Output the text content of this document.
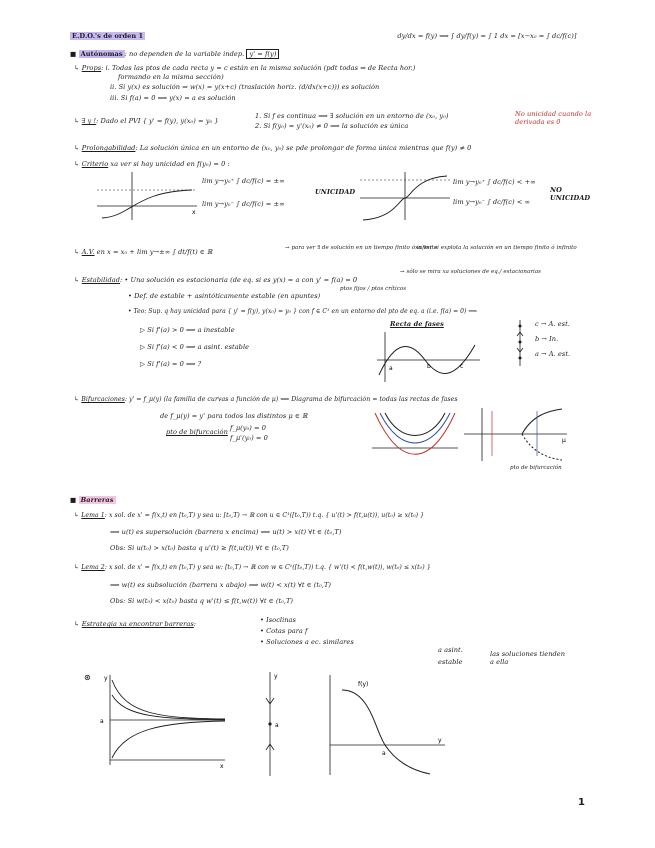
E.D.O.'s de orden 1	dy/dx = f(y) ⟹ ∫ dy/f(y) = ∫ 1 dx = [x−x₀ = ∫ dc/f(c)]
■ Autónomas : no dependen de la variable indep. y' = f(y)
↳ Props: i. Todas las ptos de cada recta y = c están en la misma solución (pdt todas ⇒ de Recta hor.)
formando en la misma sección)
ii. Si y(x) es solución ⇒ w(x) = y(x+c) (traslación horiz. (d/dx(x+c))) es solución
iii. Si f(a) = 0 ⟹ y(x) = a es solución
↳ ∃ y !: Dado el PVI { y' = f(y), y(x₀) = y₀ }
1. Si f es continua ⟹ ∃ solución en un entorno de (x₀, y₀)
2. Si f(y₀) = y'(x₀) ≠ 0 ⟹ la solución es única
No unicidad cuando la derivada es 0
↳ Prolongabilidad: La solución única en un entorno de (x₀, y₀) se pde prolongar de forma única mientras que f(y) ≠ 0
↳ Criterio xa ver si hay unicidad en f(y₀) = 0 :
lim y→y₀⁺ ∫ dc/f(c) = ±∞
lim y→y₀⁻ ∫ dc/f(c) = ±∞
UNICIDAD
lim y→y₀⁺ ∫ dc/f(c) < +∞
lim y→y₀⁻ ∫ dc/f(c) < ∞
NO UNICIDAD
x
↳ A.V. en x = x₀ + lim y→±∞ ∫ dt/f(t) ∈ ℝ	→ para ver ∃ de solución en un tiempo finito ó infinito
xa ver si explota la solución en un tiempo finito ó infinito
↳ Estabilidad: • Una solución es estacionaria (de eq. si es y(x) = a con y' = f(a) = 0
→ sólo se mira xa soluciones de eq./ estacionarias
• Def. de estable + asintóticamente estable (en apuntes)
ptos fijos / ptos críticos
• Teo: Sup. q hay unicidad para { y' = f(y), y(x₀) = y₀ } con f ∈ C¹ en un entorno del pto de eq. a (i.e. f(a) = 0) ⟹
▷ Si f'(a) > 0 ⟹ a inestable
▷ Si f'(a) < 0 ⟹ a asint. estable
▷ Si f'(a) = 0 ⟹ ?
Recta de fases	c → A. est.
b → In.
a → A. est.
a	b	c
↳ Bifurcaciones: y' = f_μ(y) (la familia de curvas a función de μ) ⟹ Diagrama de bifurcación = todas las rectas de fases
de f_μ(y) = y' para todos los distintos μ ∈ ℝ
pto de bifurcación f_μ(y₀) = 0
f_μ'(y₀) = 0	μ
pto de bifurcación
■ Barreras
↳ Lema 1: x sol. de x' = f(x,t) en [t₀,T) y sea u: [t₀,T) → ℝ con u ∈ C¹([t₀,T)) t.q. { u'(t) > f(t,u(t)), u(t₀) ≥ x(t₀) }
⟹ u(t) es supersolución (barrera x encima) ⟹ u(t) > x(t) ∀t ∈ (t₀,T)
Obs: Si u(t₀) > x(t₀) basta q u'(t) ≥ f(t,u(t)) ∀t ∈ (t₀,T)
↳ Lema 2: x sol. de x' = f(x,t) en [t₀,T) y sea w: [t₀,T) → ℝ con w ∈ C¹([t₀,T)) t.q. { w'(t) < f(t,w(t)), w(t₀) ≤ x(t₀) }
⟹ w(t) es subsolución (barrera x abajo) ⟹ w(t) < x(t) ∀t ∈ (t₀,T)
Obs: Si w(t₀) < x(t₀) basta q w'(t) ≤ f(t,w(t)) ∀t ∈ (t₀,T)
↳ Estrategia xa encontrar barreras:	• Isoclinas
• Cotas para f
• Soluciones a ec. similares
a asint.
estable
las soluciones tienden a ella
⊛
a
y
x
a
y
f(y)
a
y
1
